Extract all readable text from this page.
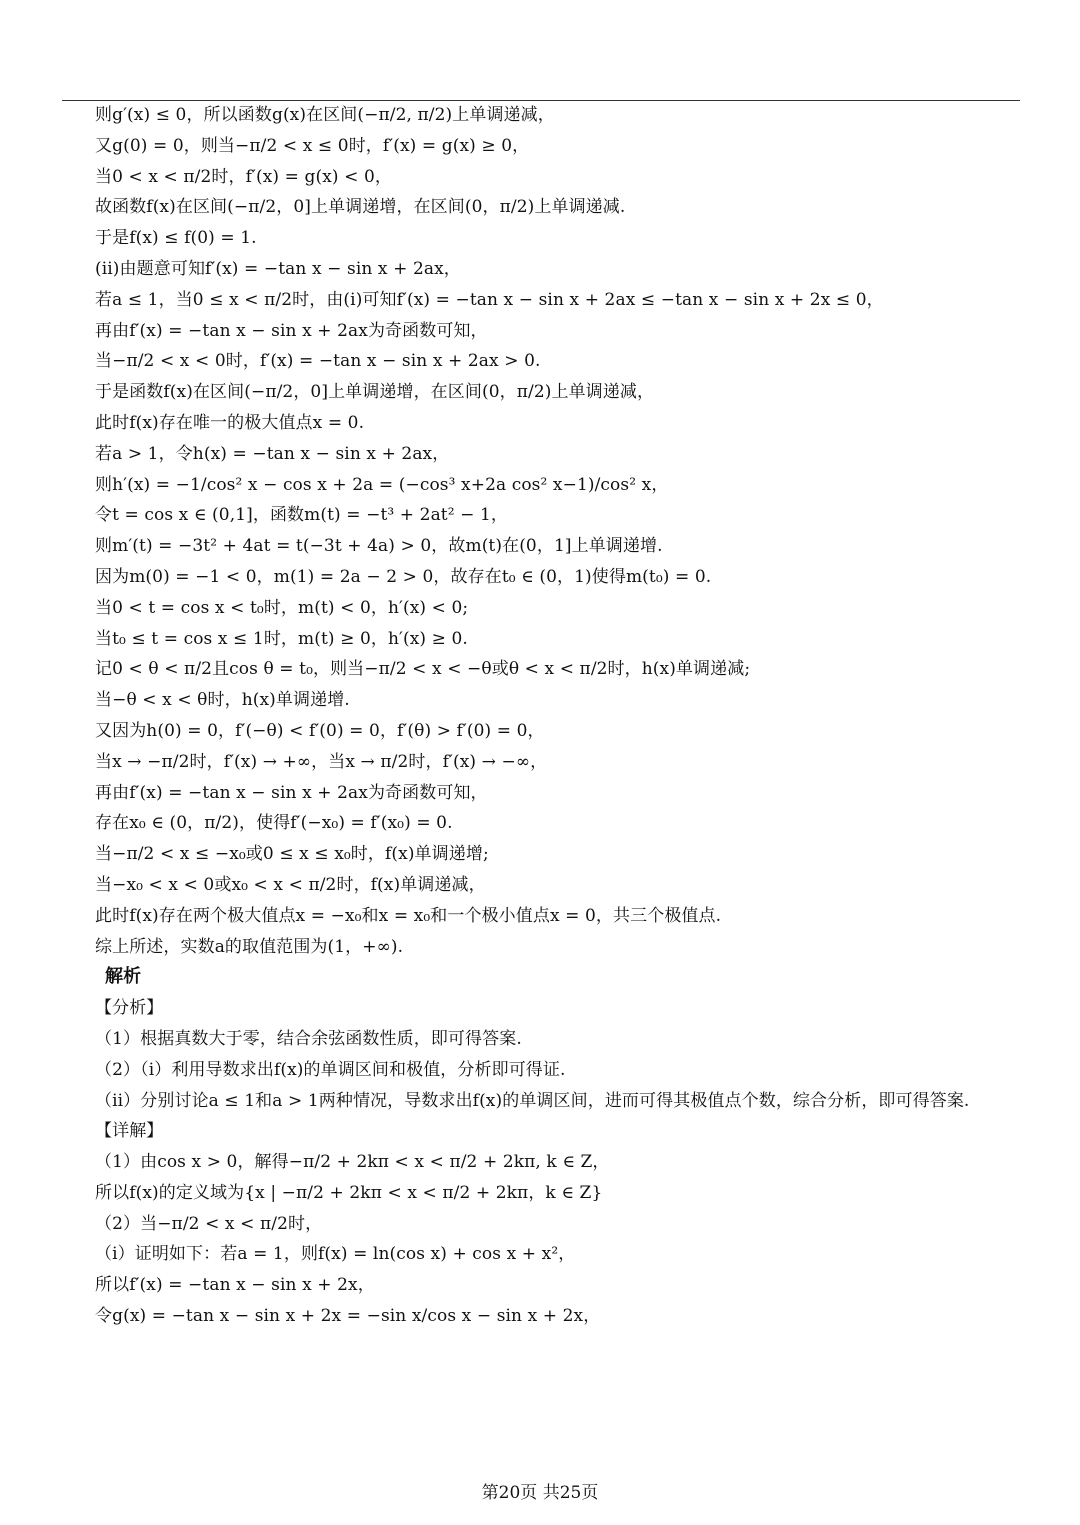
则g′(x) ≤ 0，所以函数g(x)在区间(−π/2, π/2)上单调递减，
又g(0) = 0，则当−π/2 < x ≤ 0时，f′(x) = g(x) ≥ 0，
当0 < x < π/2时，f′(x) = g(x) < 0，
故函数f(x)在区间(−π/2，0]上单调递增，在区间(0，π/2)上单调递减.
于是f(x) ≤ f(0) = 1.
(ii)由题意可知f′(x) = −tan x − sin x + 2ax，
若a ≤ 1，当0 ≤ x < π/2时，由(i)可知f′(x) = −tan x − sin x + 2ax ≤ −tan x − sin x + 2x ≤ 0，
再由f′(x) = −tan x − sin x + 2ax为奇函数可知，
当−π/2 < x < 0时，f′(x) = −tan x − sin x + 2ax > 0.
于是函数f(x)在区间(−π/2，0]上单调递增，在区间(0，π/2)上单调递减，
此时f(x)存在唯一的极大值点x = 0.
若a > 1，令h(x) = −tan x − sin x + 2ax，
则h′(x) = −1/cos² x − cos x + 2a = (−cos³ x+2a cos² x−1)/cos² x，
令t = cos x ∈ (0,1]，函数m(t) = −t³ + 2at² − 1，
则m′(t) = −3t² + 4at = t(−3t + 4a) > 0，故m(t)在(0，1]上单调递增.
因为m(0) = −1 < 0，m(1) = 2a − 2 > 0，故存在t₀ ∈ (0，1)使得m(t₀) = 0.
当0 < t = cos x < t₀时，m(t) < 0，h′(x) < 0;
当t₀ ≤ t = cos x ≤ 1时，m(t) ≥ 0，h′(x) ≥ 0.
记0 < θ < π/2且cos θ = t₀，则当−π/2 < x < −θ或θ < x < π/2时，h(x)单调递减;
当−θ < x < θ时，h(x)单调递增.
又因为h(0) = 0，f′(−θ) < f′(0) = 0，f′(θ) > f′(0) = 0，
当x → −π/2时，f′(x) → +∞，当x → π/2时，f′(x) → −∞，
再由f′(x) = −tan x − sin x + 2ax为奇函数可知，
存在x₀ ∈ (0，π/2)，使得f′(−x₀) = f′(x₀) = 0.
当−π/2 < x ≤ −x₀或0 ≤ x ≤ x₀时，f(x)单调递增;
当−x₀ < x < 0或x₀ < x < π/2时，f(x)单调递减，
此时f(x)存在两个极大值点x = −x₀和x = x₀和一个极小值点x = 0，共三个极值点.
综上所述，实数a的取值范围为(1，+∞).
解析
【分析】
（1）根据真数大于零，结合余弦函数性质，即可得答案.
（2）（i）利用导数求出f(x)的单调区间和极值，分析即可得证.
（ii）分别讨论a ≤ 1和a > 1两种情况，导数求出f(x)的单调区间，进而可得其极值点个数，综合分析，即可得答案.
【详解】
（1）由cos x > 0，解得−π/2 + 2kπ < x < π/2 + 2kπ, k ∈ Z，
所以f(x)的定义域为{x | −π/2 + 2kπ < x < π/2 + 2kπ，k ∈ Z}
（2）当−π/2 < x < π/2时，
（i）证明如下：若a = 1，则f(x) = ln(cos x) + cos x + x²，
所以f′(x) = −tan x − sin x + 2x，
令g(x) = −tan x − sin x + 2x = −sin x/cos x − sin x + 2x，
第20页 共25页
